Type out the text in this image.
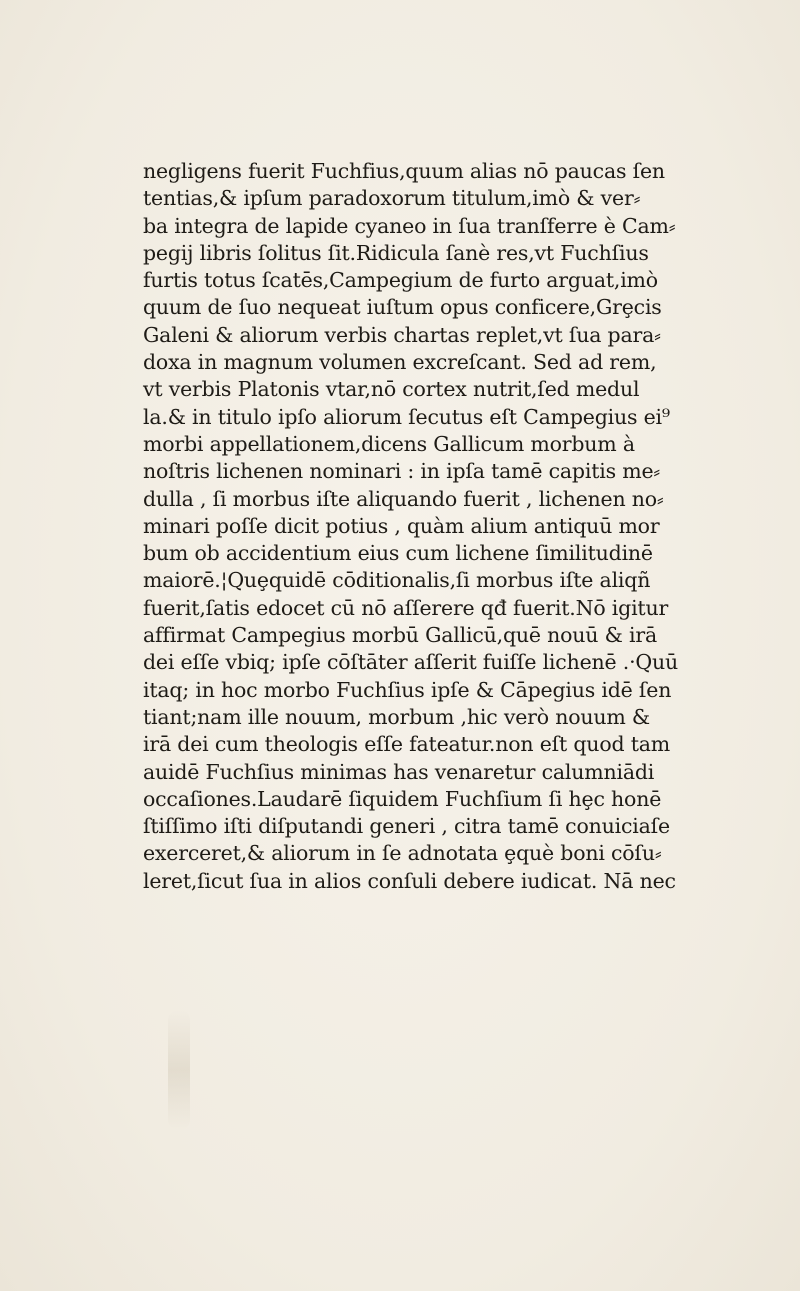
negligens fuerit Fuchfius,quum alias nō paucas ſen
tentias,& ipſum paradoxorum titulum,imò & ver⸗
ba integra de lapide cyaneo in ſua tranſferre è Cam⸗
pegij libris ſolitus ſit.Ridicula ſanè res,vt Fuchſius
furtis totus ſcatēs,Campegium de furto arguat,imò
quum de ſuo nequeat iuſtum opus conficere,Grȩcis
Galeni & aliorum verbis chartas replet,vt ſua para⸗
doxa in magnum volumen excreſcant. Sed ad rem,
vt verbis Platonis vtar,nō cortex nutrit,ſed medul
la.& in titulo ipſo aliorum ſecutus eſt Campegius ei⁹
morbi appellationem,dicens Gallicum morbum à
noſtris lichenen nominari : in ipſa tamē capitis me⸗
dulla , ſi morbus iſte aliquando fuerit , lichenen no⸗
minari poſſe dicit potius , quàm alium antiquū mor
bum ob accidentium eius cum lichene ſimilitudinē
maiorē.¦Quȩquidē cōditionalis,ſi morbus iſte aliqñ
fuerit,ſatis edocet cū nō aſſerere qđ fuerit.Nō igitur
affirmat Campegius morbū Gallicū,quē nouū & irā
dei eſſe vbiq; ipſe cōſtāter aſſerit fuiſſe lichenē .·Quū
itaq; in hoc morbo Fuchſius ipſe & Cāpegius idē ſen
tiant;nam ille nouum, morbum ,hic verò nouum &
irā dei cum theologis eſſe fateatur.non eſt quod tam
auidē Fuchſius minimas has venaretur calumniādi
occaſiones.Laudarē ſiquidem Fuchſium ſi hȩc honē
ſtiſſimo iſti diſputandi generi , citra tamē conuiciaſe
exerceret,& aliorum in ſe adnotata ȩquè boni cōſu⸗
leret,ſicut ſua in alios conſuli debere iudicat. Nā nec
